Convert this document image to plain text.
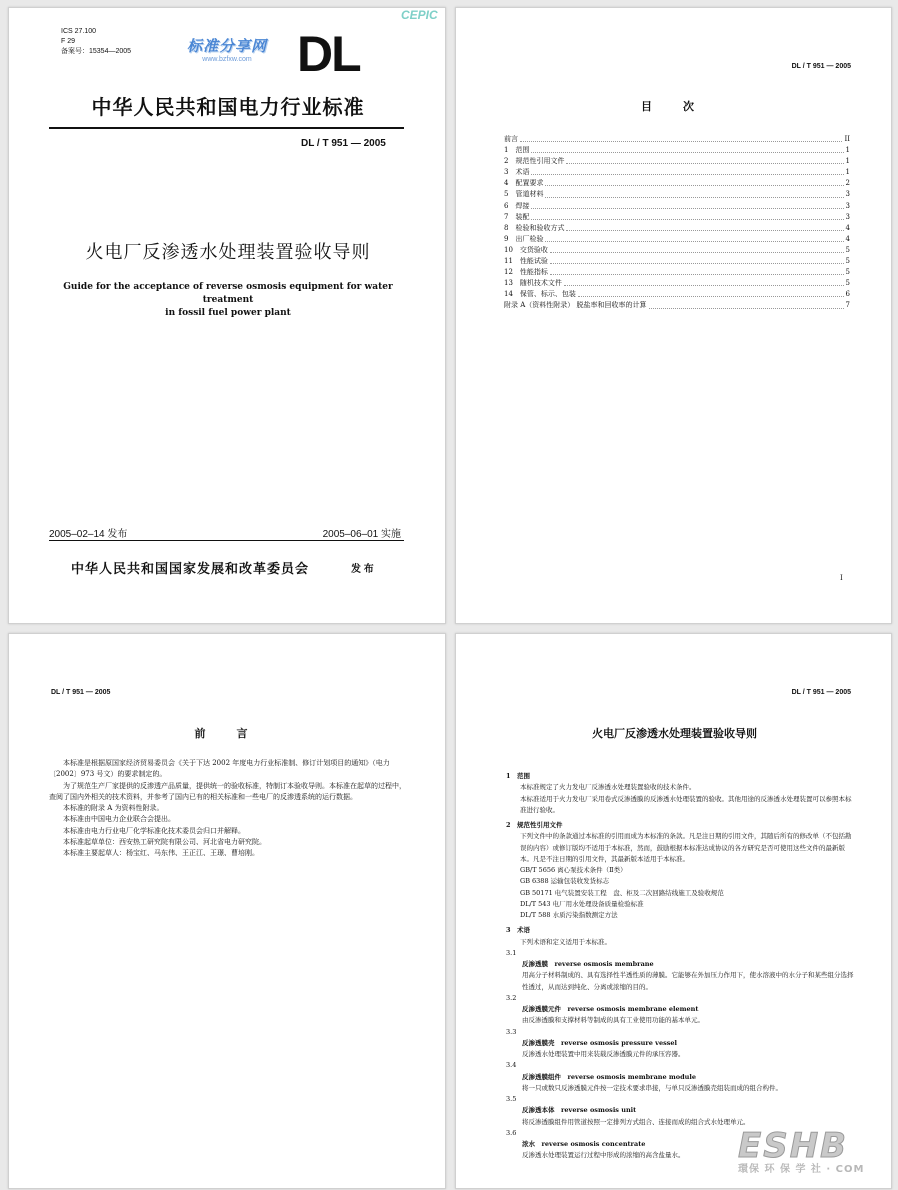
CEPIC
ICS 27.100
F 29
备案号：15354—2005	标准分享网
www.bzfxw.com DL
中华人民共和国电力行业标准
DL / T 951 — 2005
火电厂反渗透水处理装置验收导则
Guide for the acceptance of reverse osmosis equipment for water treatment
in fossil fuel power plant
2005–02–14 发布	2005–06–01 实施
中华人民共和国国家发展和改革委员会	发 布
DL / T 951 — 2005
目 次
前言	II
1　范围	1
2　规范性引用文件	1
3　术语	1
4　配置要求	2
5　管道材料	3
6　焊接	3
7　装配	3
8　检验和验收方式	4
9　出厂检验	4
10　交货验收	5
11　性能试验	5
12　性能指标	5
13　随机技术文件	5
14　保管、标示、包装	6
附录 A（资料性附录） 脱盐率和回收率的计算	7
I
DL / T 951 — 2005
前 言

本标准是根据原国家经济贸易委员会《关于下达 2002 年度电力行业标准制、修订计划项目的通知》（电力〔2002〕973 号文）的要求制定的。

为了规范生产厂家提供的反渗透产品质量，提供统一的验收标准，特制订本验收导则。本标准在起草的过程中，查阅了国内外相关的技术资料，并参考了国内已有的相关标准和一些电厂的反渗透系统的运行数据。

本标准的附录 A 为资料性附录。

本标准由中国电力企业联合会提出。

本标准由电力行业电厂化学标准化技术委员会归口并解释。

本标准起草单位：西安热工研究院有限公司、河北省电力研究院。

本标准主要起草人：杨宝红、马东伟、王正江、王璟、曹培刚。

DL / T 951 — 2005
火电厂反渗透水处理装置验收导则
1　范围
本标准规定了火力发电厂反渗透水处理装置验收的技术条件。
本标准适用于火力发电厂采用卷式反渗透膜的反渗透水处理装置的验收。其他用途的反渗透水处理装置可以参照本标准进行验收。
2　规范性引用文件
下列文件中的条款通过本标准的引用而成为本标准的条款。凡是注日期的引用文件，其随后所有的修改单（不包括勘误的内容）或修订版均不适用于本标准，然而，鼓励根据本标准达成协议的各方研究是否可使用这些文件的最新版本。凡是不注日期的引用文件，其最新版本适用于本标准。
GB/T 5656 离心泵技术条件（Ⅱ类）
GB 6388 运输包装收发货标志
GB 50171 电气装置安装工程　盘、柜及二次回路结线施工及验收规范
DL/T 543 电厂用水处理设备质量检验标准
DL/T 588 水质污染指数测定方法
3　术语
下列术语和定义适用于本标准。
3.1
反渗透膜　reverse osmosis membrane
用高分子材料制成的、具有选择性半透性质的薄膜。它能够在外加压力作用下，使水溶液中的水分子和某些组分选择性透过，从而达到纯化、分离或浓缩的目的。
3.2
反渗透膜元件　reverse osmosis membrane element
由反渗透膜和支撑材料等制成的具有工业使用功能的基本单元。
3.3
反渗透膜壳　reverse osmosis pressure vessel
反渗透水处理装置中用来装载反渗透膜元件的承压容器。
3.4
反渗透膜组件　reverse osmosis membrane module
将一只或数只反渗透膜元件按一定技术要求串接，与单只反渗透膜壳组装而成的组合构件。
3.5
反渗透本体　reverse osmosis unit
将反渗透膜组件用管道按照一定排列方式组合、连接而成的组合式水处理单元。
3.6
浓水　reverse osmosis concentrate
反渗透水处理装置运行过程中形成的浓缩的高含盐量水。	ESHB
環保 环 保 学 社 · COM
